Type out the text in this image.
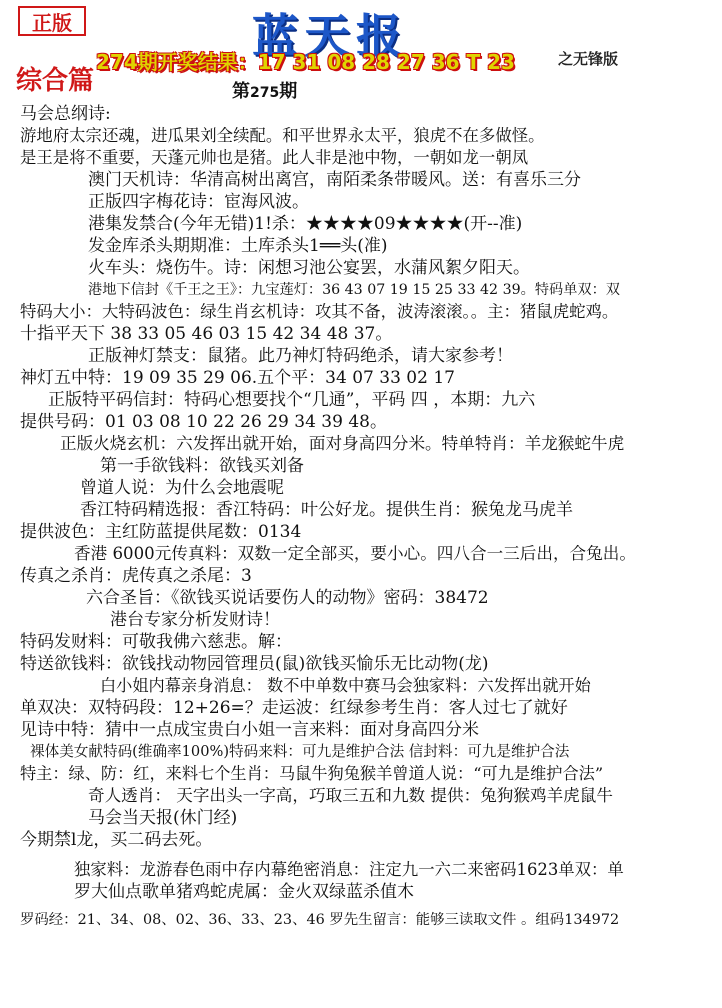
正版	蓝天报
274期开奖结果：17 31 08 28 27 36 T 23	之无锋版
综合篇	第275期
马会总纲诗:
游地府太宗还魂，进瓜果刘全续配。和平世界永太平，狼虎不在多做怪。
是王是将不重要，天蓬元帅也是猪。此人非是池中物，一朝如龙一朝凤
澳门天机诗：华清高树出离宫，南陌柔条带暖风。送：有喜乐三分
正版四字梅花诗：宦海风波。
港集发禁合(今年无错)1!杀：★★★★09★★★★(开--准)
发金库杀头期期准：土库杀头1══头(准)
火车头：烧伤牛。诗：闲想习池公宴罢，水蒲风絮夕阳天。
港地下信封《千王之王》：九宝莲灯：36 43 07 19 15 25 33 42 39。特码单双：双
特码大小：大特码波色：绿生肖玄机诗：攻其不备，波涛滚滚。。主：猪鼠虎蛇鸡。
十指平天下 38 33 05 46 03 15 42 34 48 37。
正版神灯禁支：鼠猪。此乃神灯特码绝杀，请大家参考！
神灯五中特：19 09 35 29 06.五个平：34 07 33 02 17
正版特平码信封：特码心想要找个“几通”，平码 四 ，本期：九六
提供号码：01 03 08 10 22 26 29 34 39 48。
正版火烧玄机：六发挥出就开始，面对身高四分米。特单特肖：羊龙猴蛇牛虎
第一手欲钱料：欲钱买刘备
曾道人说：为什么会地震呢
香江特码精选报：香江特码：叶公好龙。提供生肖：猴兔龙马虎羊
提供波色：主红防蓝提供尾数：0134
香港 6000元传真料：双数一定全部买，要小心。四八合一三后出，合兔出。
传真之杀肖：虎传真之杀尾：3
六合圣旨：《欲钱买说话要伤人的动物》密码：38472
港台专家分析发财诗！
特码发财料：可敬我佛六慈悲。解：
特送欲钱料：欲钱找动物园管理员(鼠)欲钱买愉乐无比动物(龙)
白小姐内幕亲身消息： 数不中单数中赛马会独家料：六发挥出就开始
单双决：双特码段：12+26=？走运波：红绿参考生肖：客人过七了就好
见诗中特：猜中一点成宝贵白小姐一言来料：面对身高四分米
裸体美女献特码(维确率100%)特码来料：可九是维护合法 信封料：可九是维护合法
特主：绿、防：红，来料七个生肖：马鼠牛狗兔猴羊曾道人说：“可九是维护合法”
奇人透肖： 天字出头一字高，巧取三五和九数 提供：兔狗猴鸡羊虎鼠牛
马会当天报(休门经)
今期禁l龙，买二码去死。
独家料：龙游春色雨中存内幕绝密消息：注定九一六二来密码1623单双：单
罗大仙点歌单猪鸡蛇虎属：金火双绿蓝杀值木
罗码经：21、34、08、02、36、33、23、46 罗先生留言：能够三读取文件 。组码134972
